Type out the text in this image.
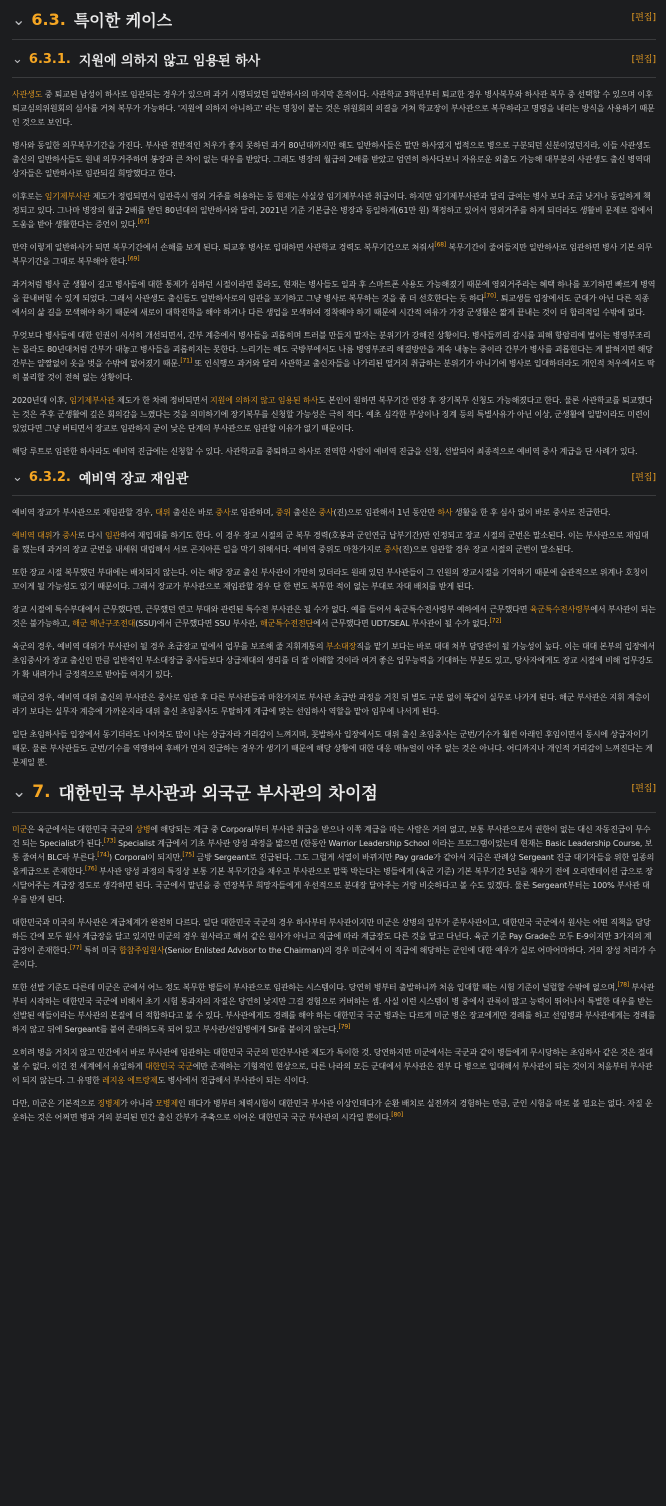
⌄ 6.3. 특이한 케이스	[편집]
⌄ 6.3.1. 지원에 의하지 않고 임용된 하사	[편집]

사관생도 중 퇴교된 남성이 하사로 임관되는 경우가 있으며 과거 시행되었던 일반하사의 마지막 흔적이다. 사관학교 3학년부터 퇴교한 경우 병사복무와 하사관 복무 중 선택할 수 있으며 이후 퇴교심의위원회의 심사를 거쳐 복무가 가능하다. '지원에 의하지 아니하고' 라는 명칭이 붙는 것은 위원회의 의결을 거쳐 학교장이 부사관으로 복무하라고 명령을 내리는 방식을 사용하기 때문인 것으로 보인다.

병사와 동일한 의무복무기간을 가진다. 부사관 전반적인 처우가 좋지 못하던 과거 80년대까지만 해도 일반하사들은 말만 하사였지 법적으로 병으로 구분되던 신분이었던지라, 이들 사관생도 출신의 일반하사들도 원내 의무거주하며 봉장과 큰 차이 없는 대우를 받았다. 그래도 병장의 월급의 2배를 받았고 엄연히 하사다보니 자유로운 외출도 가능해 대부분의 사관생도 출신 병역대상자들은 일반하사로 임관되길 희망했다고 한다.

이후로는 임기제부사관 제도가 정립되면서 임관즉시 영외 거주를 허용하는 등 현재는 사실상 임기제부사관 취급이다. 하지만 임기제부사관과 달리 급여는 병사 보다 조금 낫거나 동일하게 책정되고 있다. 그나마 병장의 월급 2배를 받던 80년대의 일반하사와 달리, 2021년 기준 기본급은 병장과 동일하게(61만 원) 책정하고 있어서 영외거주를 하게 되더라도 생활비 문제로 집에서 도움을 받아 생활한다는 증언이 있다.[67]

만약 이렇게 일반하사가 되면 복무기간에서 손해를 보게 된다. 퇴교후 병사로 입대하면 사관학교 경력도 복무기간으로 쳐줘서[68] 복무기간이 줄어들지만 일반하사로 임관하면 병사 기본 의무복무기간을 그대로 복무해야 한다.[69]

과거처럼 병사 군 생활이 길고 병사들에 대한 통제가 심하던 시절이라면 몰라도, 현재는 병사들도 일과 후 스마트폰 사용도 가능해졌기 때문에 영외거주라는 혜택 하나를 포기하면 빠르게 병역을 끝내버릴 수 있게 되었다. 그래서 사관생도 출신들도 일반하사로의 임관을 포기하고 그냥 병사로 복무하는 것을 좀 더 선호한다는 듯 하다[70]. 퇴교생들 입장에서도 군대가 아닌 다른 직종에서의 삶 길을 모색해야 하기 때문에 새로이 대학진학을 해야 하거나 다른 생업을 모색하여 정착해야 하기 때문에 시간적 여유가 가장 군생활은 짧게 끝내는 것이 더 합리적일 수밖에 없다.

무엇보다 병사들에 대한 인권이 서서히 개선되면서, 간부 계층에서 병사들을 괴롭히며 트러블 만들지 말자는 분위기가 강해진 상황이다. 병사들끼리 감시를 피해 항암리에 벌이는 병영부조리는 몰라도 80년대처럼 간부가 대놓고 병사들을 괴롭히지는 못한다. 느리기는 해도 국방부에서도 나름 병영부조리 해결방안을 계속 내놓는 중이라 간부가 병사를 괴롭힌다는 게 밝혀지면 해당 간부는 얄짤없이 옷을 벗을 수밖에 없어졌기 때문.[71] 또 인식행으 과거와 달리 사관학교 출신자들을 나가리된 떨거지 취급하는 분위기가 아니기에 병사로 입대하더라도 개인적 처우에서도 딱히 불리할 것이 전혀 없는 상황이다.

2020년대 이후, 임기제부사관 제도가 한 차례 정비되면서 지원에 의하지 않고 임용된 하사도 본인이 원하면 복무기간 연장 후 장기복무 신청도 가능해졌다고 한다. 물론 사관학교를 퇴교했다는 것은 주후 군생활에 깊은 회의감을 느꼈다는 것을 의미하기에 장기복무를 신청할 가능성은 극히 적다. 예초 심각한 부상이나 징계 등의 특별사유가 아닌 이상, 군생활에 일말이라도 미련이 있었다면 그냥 버티면서 장교로 임관하지 굳이 낮은 단계의 부사관으로 임관할 이유가 없기 때문이다.

해당 루트로 임관한 하사라도 예비역 진급에는 신청할 수 있다. 사관학교를 중퇴하고 하사로 전역한 사람이 예비역 진급을 신청, 선발되어 최종적으로 예비역 중사 계급을 단 사례가 있다.

⌄ 6.3.2. 예비역 장교 재임관	[편집]

예비역 장교가 부사관으로 재임관할 경우, 대위 출신은 바로 중사로 임관하며, 중위 출신은 중사(진)으로 임관해서 1년 동안만 하사 생활을 한 후 심사 없이 바로 중사로 진급한다.

예비역 대위가 중사로 다시 임관하여 재입대를 하기도 한다. 이 경우 장교 시절의 군 복무 경력(호봉과 군인연금 납부기간)만 인정되고 장교 시절의 군번은 말소된다. 이는 부사관으로 재임대를 했는데 과거의 장교 군번을 내세워 대립해서 서로 곤지아픈 일을 막기 위해서다. 예비역 중위도 마찬가지로 중사(진)으로 임관할 경우 장교 시절의 군번이 말소된다.

또한 장교 시절 복무했던 부대에는 배치되지 않는다. 이는 해당 장교 출신 부사관이 가만히 있더라도 원래 있던 부사관들이 그 인원의 장교시절을 기억하기 때문에 습관적으로 위계나 호칭이 꼬이게 될 가능성도 있기 때문이다. 그래서 장교가 부사관으로 재임관할 경우 단 한 번도 복무한 적이 없는 부대로 자대 배치를 받게 된다.

장교 시절에 특수부대에서 근무했다면, 근무했던 연고 부대와 관련된 특수전 부사관은 될 수가 없다. 예를 들어서 육군특수전사령부 예하에서 근무했다면 육군특수전사령부에서 부사관이 되는 것은 불가능하고, 해군 해난구조전대(SSU)에서 근무했다면 SSU 부사관, 해군특수전전단에서 근무했다면 UDT/SEAL 부사관이 될 수가 없다.[72]

육군의 경우, 예비역 대위가 부사관이 될 경우 초급장교 밑에서 업무를 보조해 줄 지휘계통의 부소대장직을 맡기 보다는 바로 대대 처부 담당관이 될 가능성이 높다. 이는 대대 본부의 입장에서 초임중사가 장교 출신인 만큼 일반적인 부소대장급 중사들보다 상급제대의 생리를 더 잘 이해할 것이라 여겨 좋은 업무능력을 기대하는 부분도 있고, 당사자에게도 장교 시절에 비해 업무강도가 확 내려가니 긍정적으로 받아들 여지기 있다.

해군의 경우, 예비역 대위 출신의 부사관은 중사로 임관 후 다른 부사관들과 마찬가지로 부사관 초급반 과정을 거친 뒤 별도 구분 없이 똑같이 실무로 나가게 된다. 해군 부사관은 지휘 계층이라기 보다는 실무자 계층에 가까운지라 대위 출신 초임중사도 무탈하게 계급에 맞는 선임하사 역할을 맡아 임무에 나서게 된다.

일단 초임하사들 입장에서 동기더라도 나이차도 많이 나는 상급자라 거리감이 느껴지며, 꼿발하사 입장에서도 대위 출신 초임중사는 군번/기수가 훨씬 아래인 후임이면서 동시에 상급자이기 때문. 물론 부사관들도 군번/기수를 역행하여 후배가 먼저 진급하는 경우가 생기기 때문에 해당 상황에 대한 대응 매뉴얼이 아주 없는 것은 아니다. 어디까지나 개인적 거리감이 느껴진다는 게 문제일 뿐.

⌄ 7. 대한민국 부사관과 외국군 부사관의 차이점	[편집]

미군은 육군에서는 대한민국 국군의 상병에 해당되는 계급 중 Corporal부터 부사관 취급을 받으나 이쪽 계급을 따는 사람은 거의 없고, 보통 부사관으로서 권한이 없는 대신 자동진급이 무수건 되는 Specialist가 된다.[73] Specialist 계급에서 기초 부사관 양성 과정을 밟으면 (한동안 Warrior Leadership School 이라는 프로그램이었는데 현재는 Basic Leadership Course, 보통 줄여서 BLC라 부른다.[74]) Corporal이 되지만,[75] 금방 Sergeant로 진급된다. 그도 그럴게 서열이 바뀌지만 Pay grade가 같아서 지금은 관례상 Sergeant 진급 대기자들을 위한 일종의 올케급으로 존재한다.[76] 부사관 양성 과정의 특징상 보통 기본 복무기간을 채우고 부사관으로 말뚝 박는다는 병들에게 (육군 기준) 기본 복무기간 5년을 채우기 전에 오리엔테이션 급으로 장시달어주는 계급장 정도로 생각하면 된다. 국군에서 말년을 중 연장복무 희망자들에게 우선적으로 분대장 달아주는 거랑 비슷하다고 볼 수도 있겠다. 물론 Sergeant부터는 100% 부사관 대우를 받게 된다.

대한민국과 미국의 부사관은 계급체계가 완전히 다르다. 일단 대한민국 국군의 경우 하사부터 부사관이지만 미군은 상병의 일부가 준부사관이고, 대한민국 국군에서 원사는 어떤 직책을 담당하든 간에 모두 원사 계급장을 달고 있지만 미군의 경우 원사라고 해서 같은 원사가 아니고 직급에 따라 계급장도 다른 것을 달고 다닌다. 육군 기준 Pay Grade은 모두 E-9이지만 3가지의 계급장이 존재한다.[77] 특히 미국 합참주임원사(Senior Enlisted Advisor to the Chairman)의 경우 미군에서 이 직급에 해당하는 군인에 대한 예우가 실로 어마어마하다. 거의 장성 처리가 수준이다.

또한 선발 기준도 다른데 미군은 군에서 어느 정도 복무한 병들이 부사관으로 임관하는 시스템이다. 당연히 병부터 출발하니까 처음 입대할 때는 시험 기준이 널럴할 수밖에 없으며,[78] 부사관부터 시작하는 대한민국 국군에 비해서 초기 시험 통과자의 자질은 당연히 낮지만 그걸 경험으로 커버하는 셈. 사실 이런 시스템이 병 중에서 관록이 많고 능력이 뛰어나서 특별한 대우를 받는 선발된 애들이라는 부사관의 본질에 더 적합하다고 볼 수 있다. 부사관에게도 경례를 해야 하는 대한민국 국군 병과는 다르게 미군 병은 장교에게만 경례를 하고 선임병과 부사관에게는 경례를 하지 않고 뒤에 Sergeant를 붙여 존대하도록 되어 있고 부사관/선임병에게 Sir를 붙이지 않는다.[79]

오히려 병을 거치지 않고 민간에서 바로 부사관에 임관하는 대한민국 국군의 민간부사관 제도가 특이한 것. 당연하지만 미군에서는 국군과 같이 병들에게 무시당하는 초임하사 같은 것은 절대 볼 수 없다. 이건 전 세계에서 유일하게 대한민국 국군에만 존재하는 기형적인 현상으로, 다른 나라의 모든 군대에서 부사관은 전부 다 병으로 입대해서 부사관이 되는 것이지 처음부터 부사관이 되지 않는다. 그 유명한 레지옹 에트랑제도 병사에서 진급해서 부사관이 되는 식이다.

다만, 미군은 기본적으로 징병제가 아니라 모병제인 데다가 병부터 체력시험이 대한민국 부사관 이상인데다가 순환 배치로 실전까지 경험하는 만큼, 군인 시험을 따로 볼 필요는 없다. 자질 운운하는 것은 어쩌면 병과 거의 분리된 민간 출신 간부가 주축으로 이어온 대한민국 국군 부사관의 시각일 뿐이다.[80]
